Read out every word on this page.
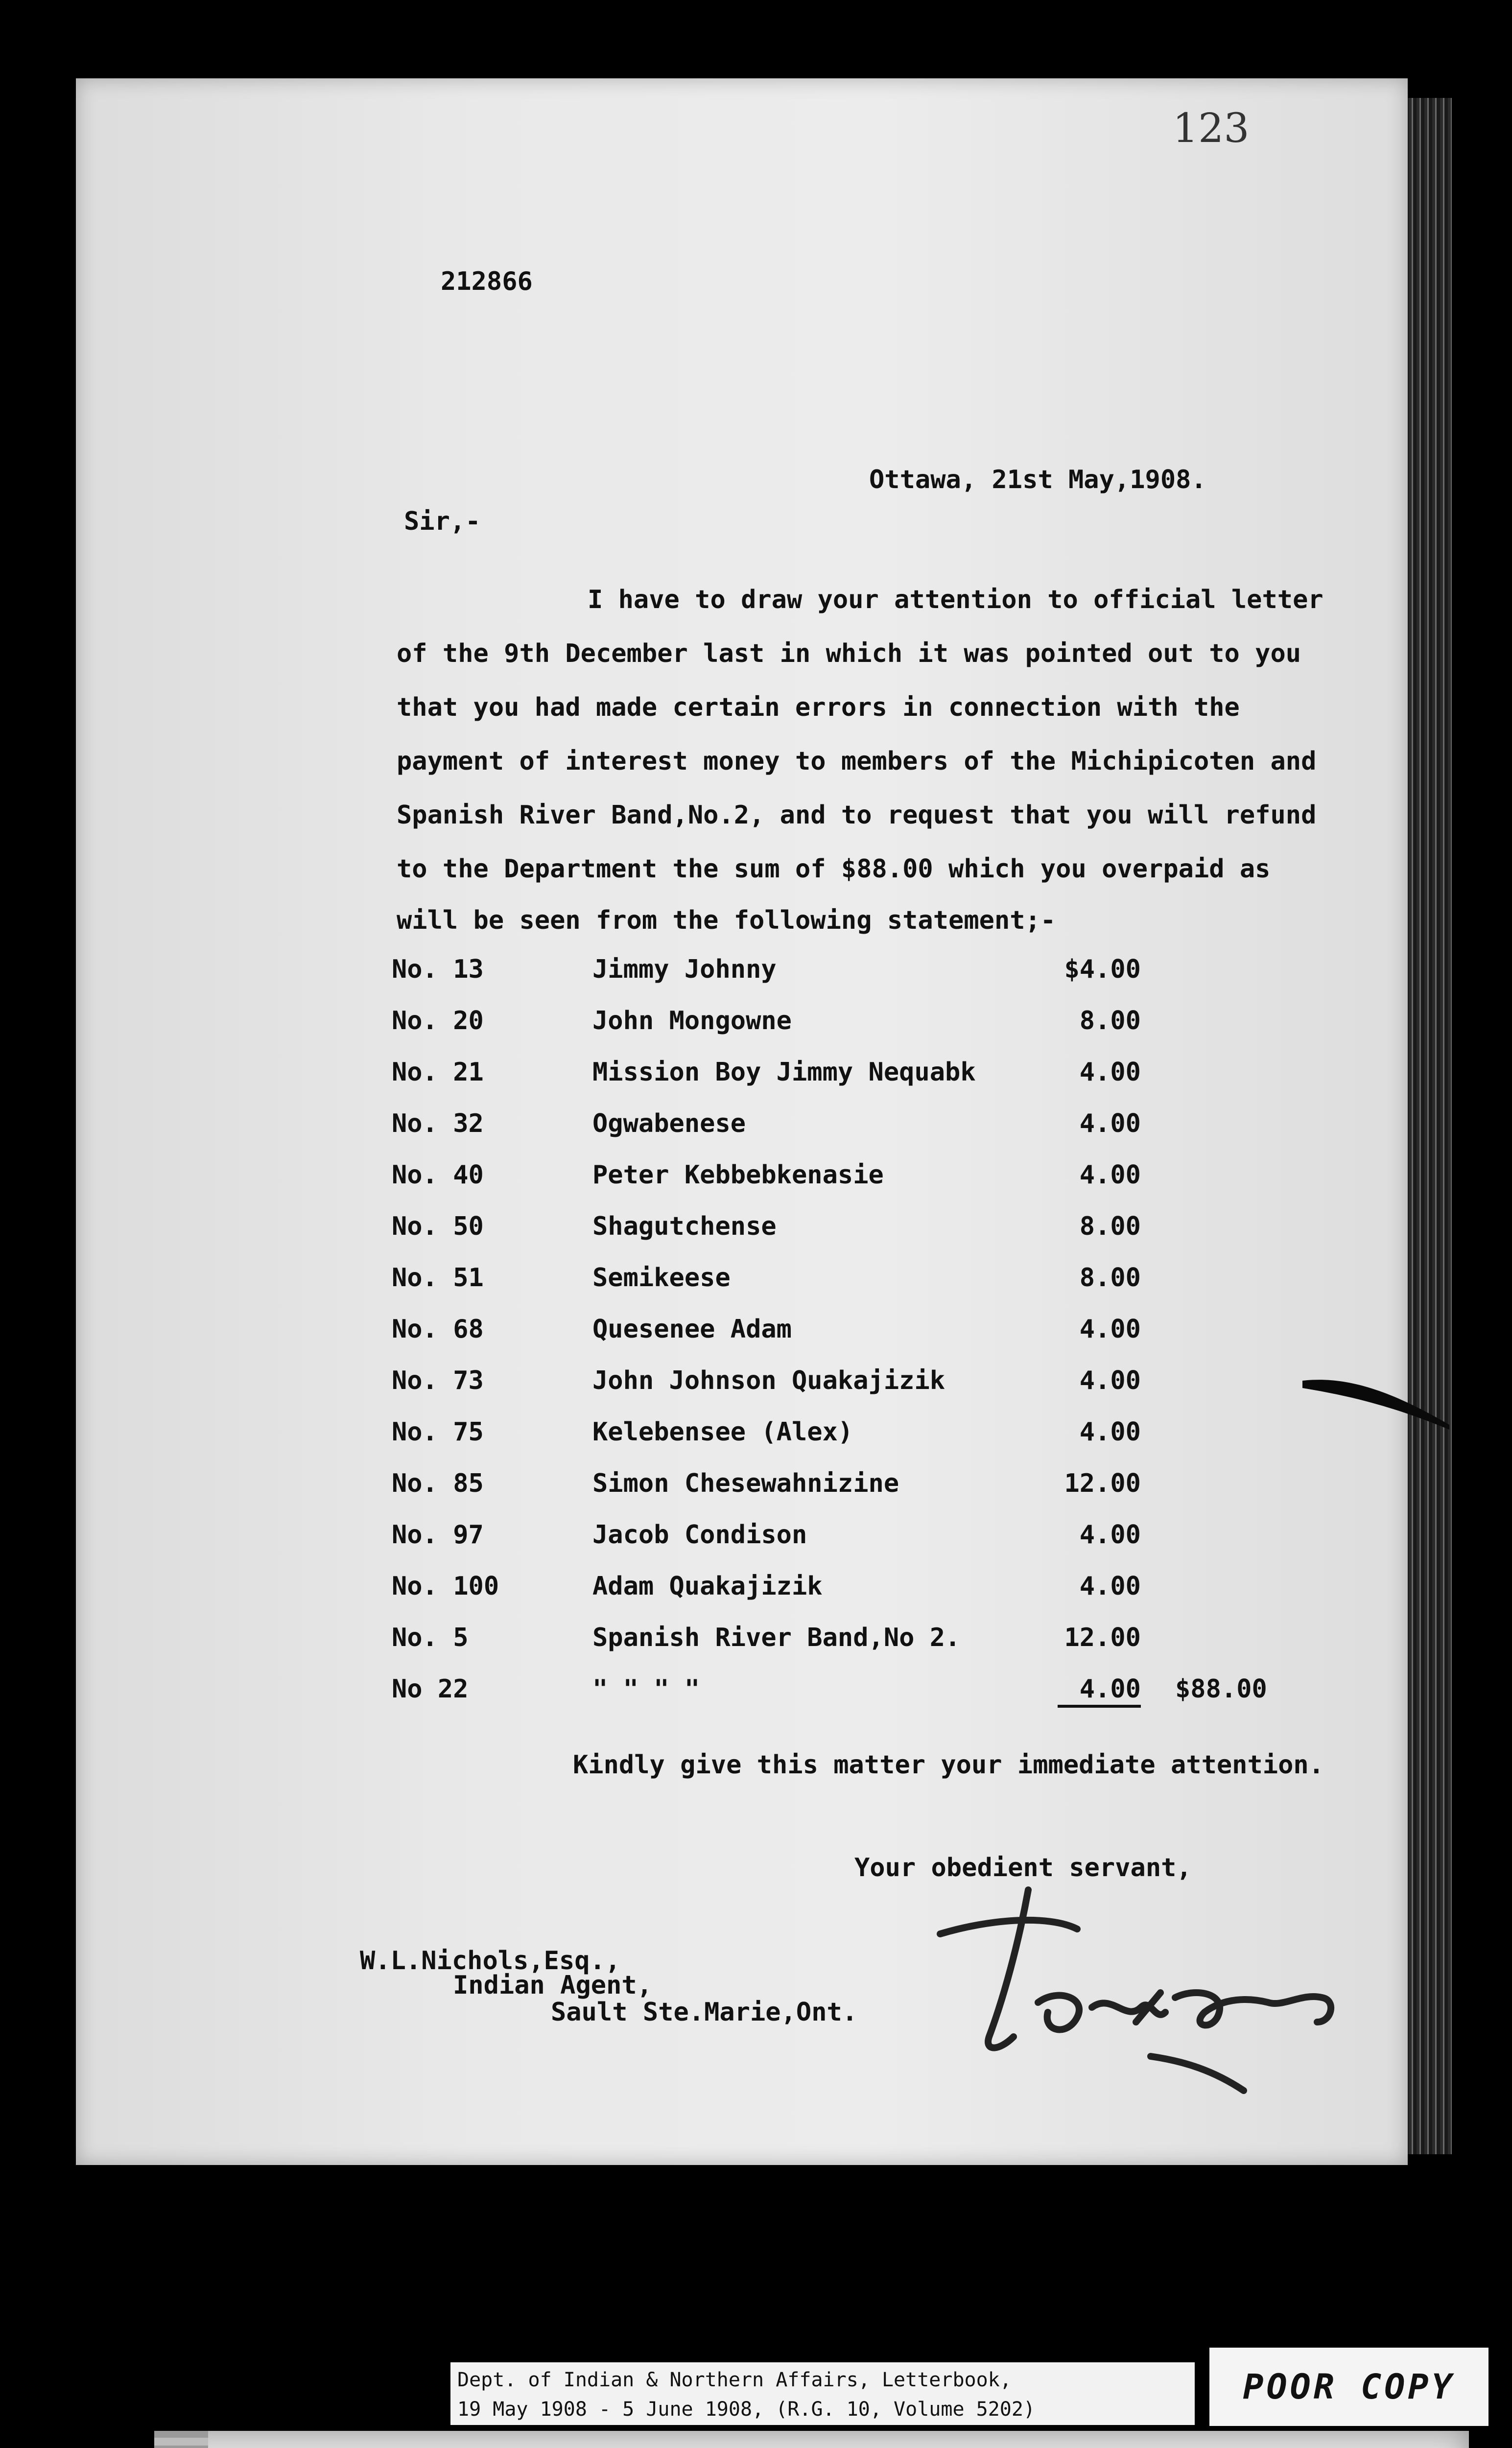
123
212866
Ottawa, 21st May,1908.
Sir,-
I have to draw your attention to official letter
of the 9th December last in which it was pointed out to you
that you had made certain errors in connection with the
payment of interest money to members of the Michipicoten and
Spanish River Band,No.2, and to request that you will refund
to the Department the sum of $88.00 which you overpaid as
will be seen from the following statement;-
No. 13	Jimmy Johnny	$4.00
No. 20	John Mongowne	8.00
No. 21	Mission Boy Jimmy Nequabk	4.00
No. 32	Ogwabenese	4.00
No. 40	Peter Kebbebkenasie	4.00
No. 50	Shagutchense	8.00
No. 51	Semikeese	8.00
No. 68	Quesenee Adam	4.00
No. 73	John Johnson Quakajizik	4.00
No. 75	Kelebensee (Alex)	4.00
No. 85	Simon Chesewahnizine	12.00
No. 97	Jacob Condison	4.00
No. 100	Adam Quakajizik	4.00
No. 5	Spanish River Band,No 2.	12.00
No 22	" " " "	4.00 $88.00
Kindly give this matter your immediate attention.
Your obedient servant,
W.L.Nichols,Esq.,
Indian Agent,
Sault Ste.Marie,Ont.
Dept. of Indian & Northern Affairs, Letterbook,
19 May 1908 - 5 June 1908, (R.G. 10, Volume 5202)
POOR COPY
